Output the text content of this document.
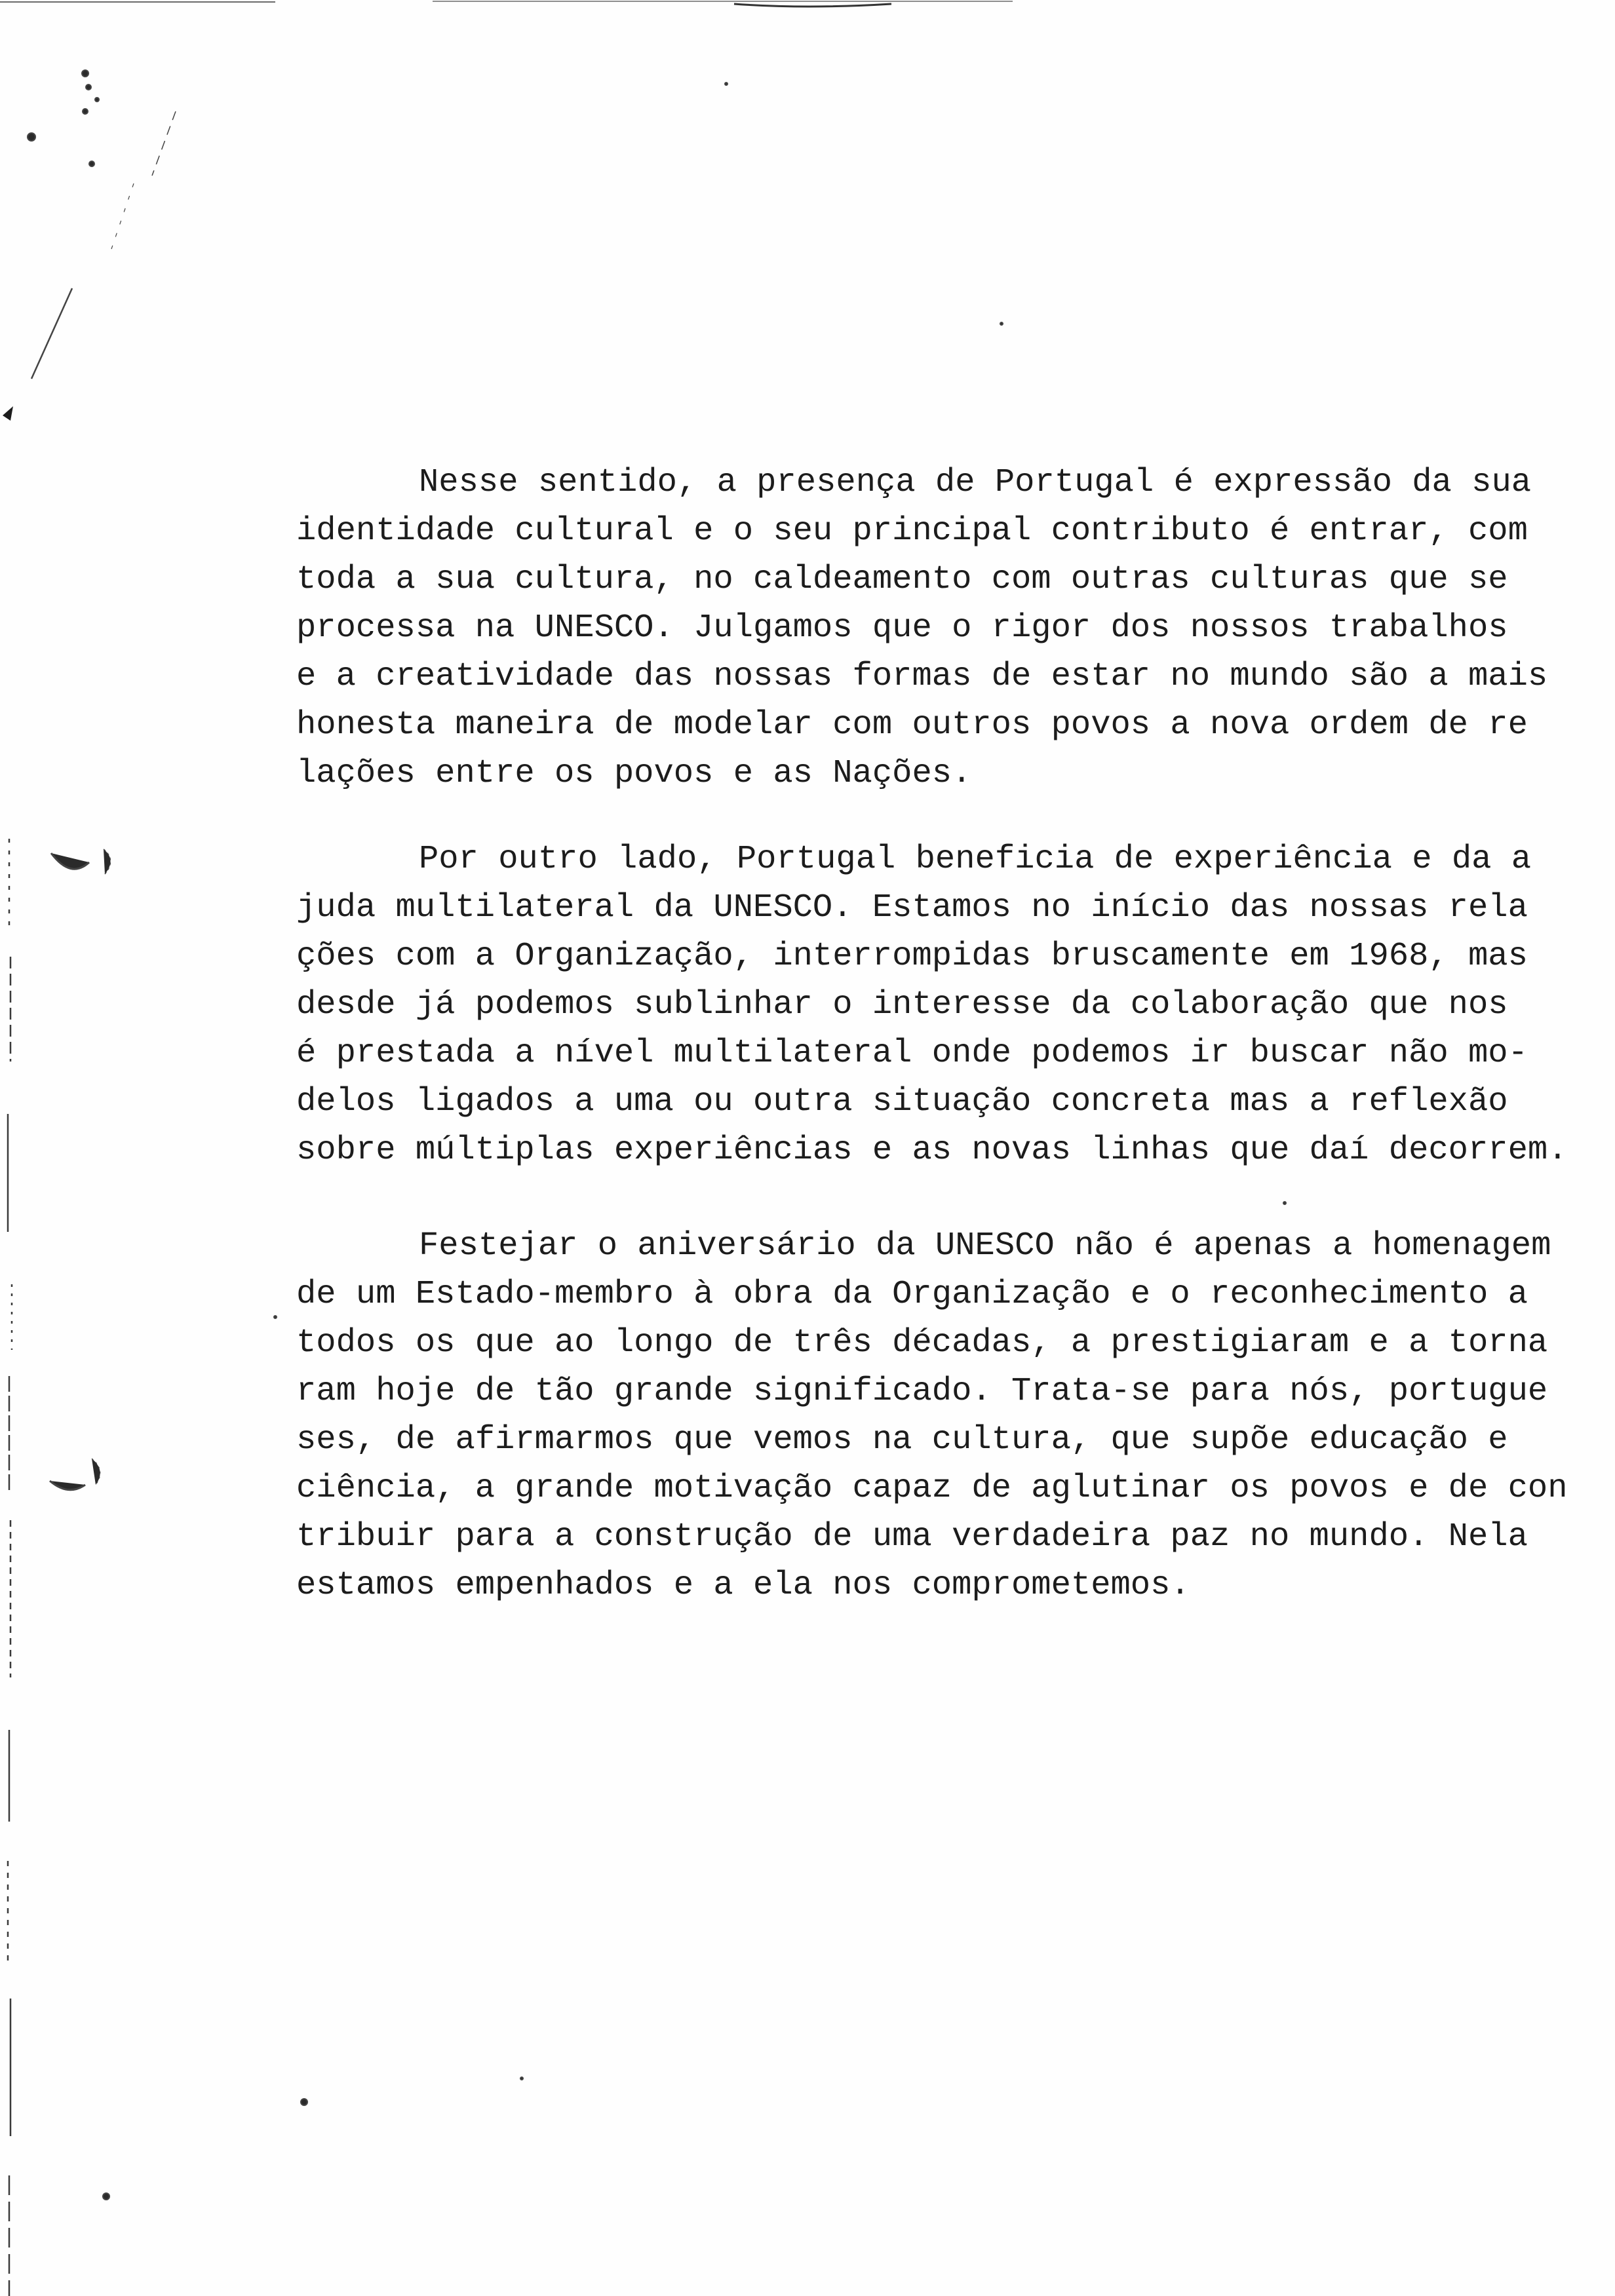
Nesse sentido, a presença de Portugal é expressão da sua
identidade cultural e o seu principal contributo é entrar, com
toda a sua cultura, no caldeamento com outras culturas que se
processa na UNESCO. Julgamos que o rigor dos nossos trabalhos
e a creatividade das nossas formas de estar no mundo são a mais
honesta maneira de modelar com outros povos a nova ordem de re
lações entre os povos e as Nações.
Por outro lado, Portugal beneficia de experiência e da a
juda multilateral da UNESCO. Estamos no início das nossas rela
ções com a Organização, interrompidas bruscamente em 1968, mas
desde já podemos sublinhar o interesse da colaboração que nos
é prestada a nível multilateral onde podemos ir buscar não mo-
delos ligados a uma ou outra situação concreta mas a reflexão
sobre múltiplas experiências e as novas linhas que daí decorrem.
Festejar o aniversário da UNESCO não é apenas a homenagem
de um Estado-membro à obra da Organização e o reconhecimento a
todos os que ao longo de três décadas, a prestigiaram e a torna
ram hoje de tão grande significado. Trata-se para nós, portugue
ses, de afirmarmos que vemos na cultura, que supõe educação e
ciência, a grande motivação capaz de aglutinar os povos e de con
tribuir para a construção de uma verdadeira paz no mundo. Nela
estamos empenhados e a ela nos comprometemos.
